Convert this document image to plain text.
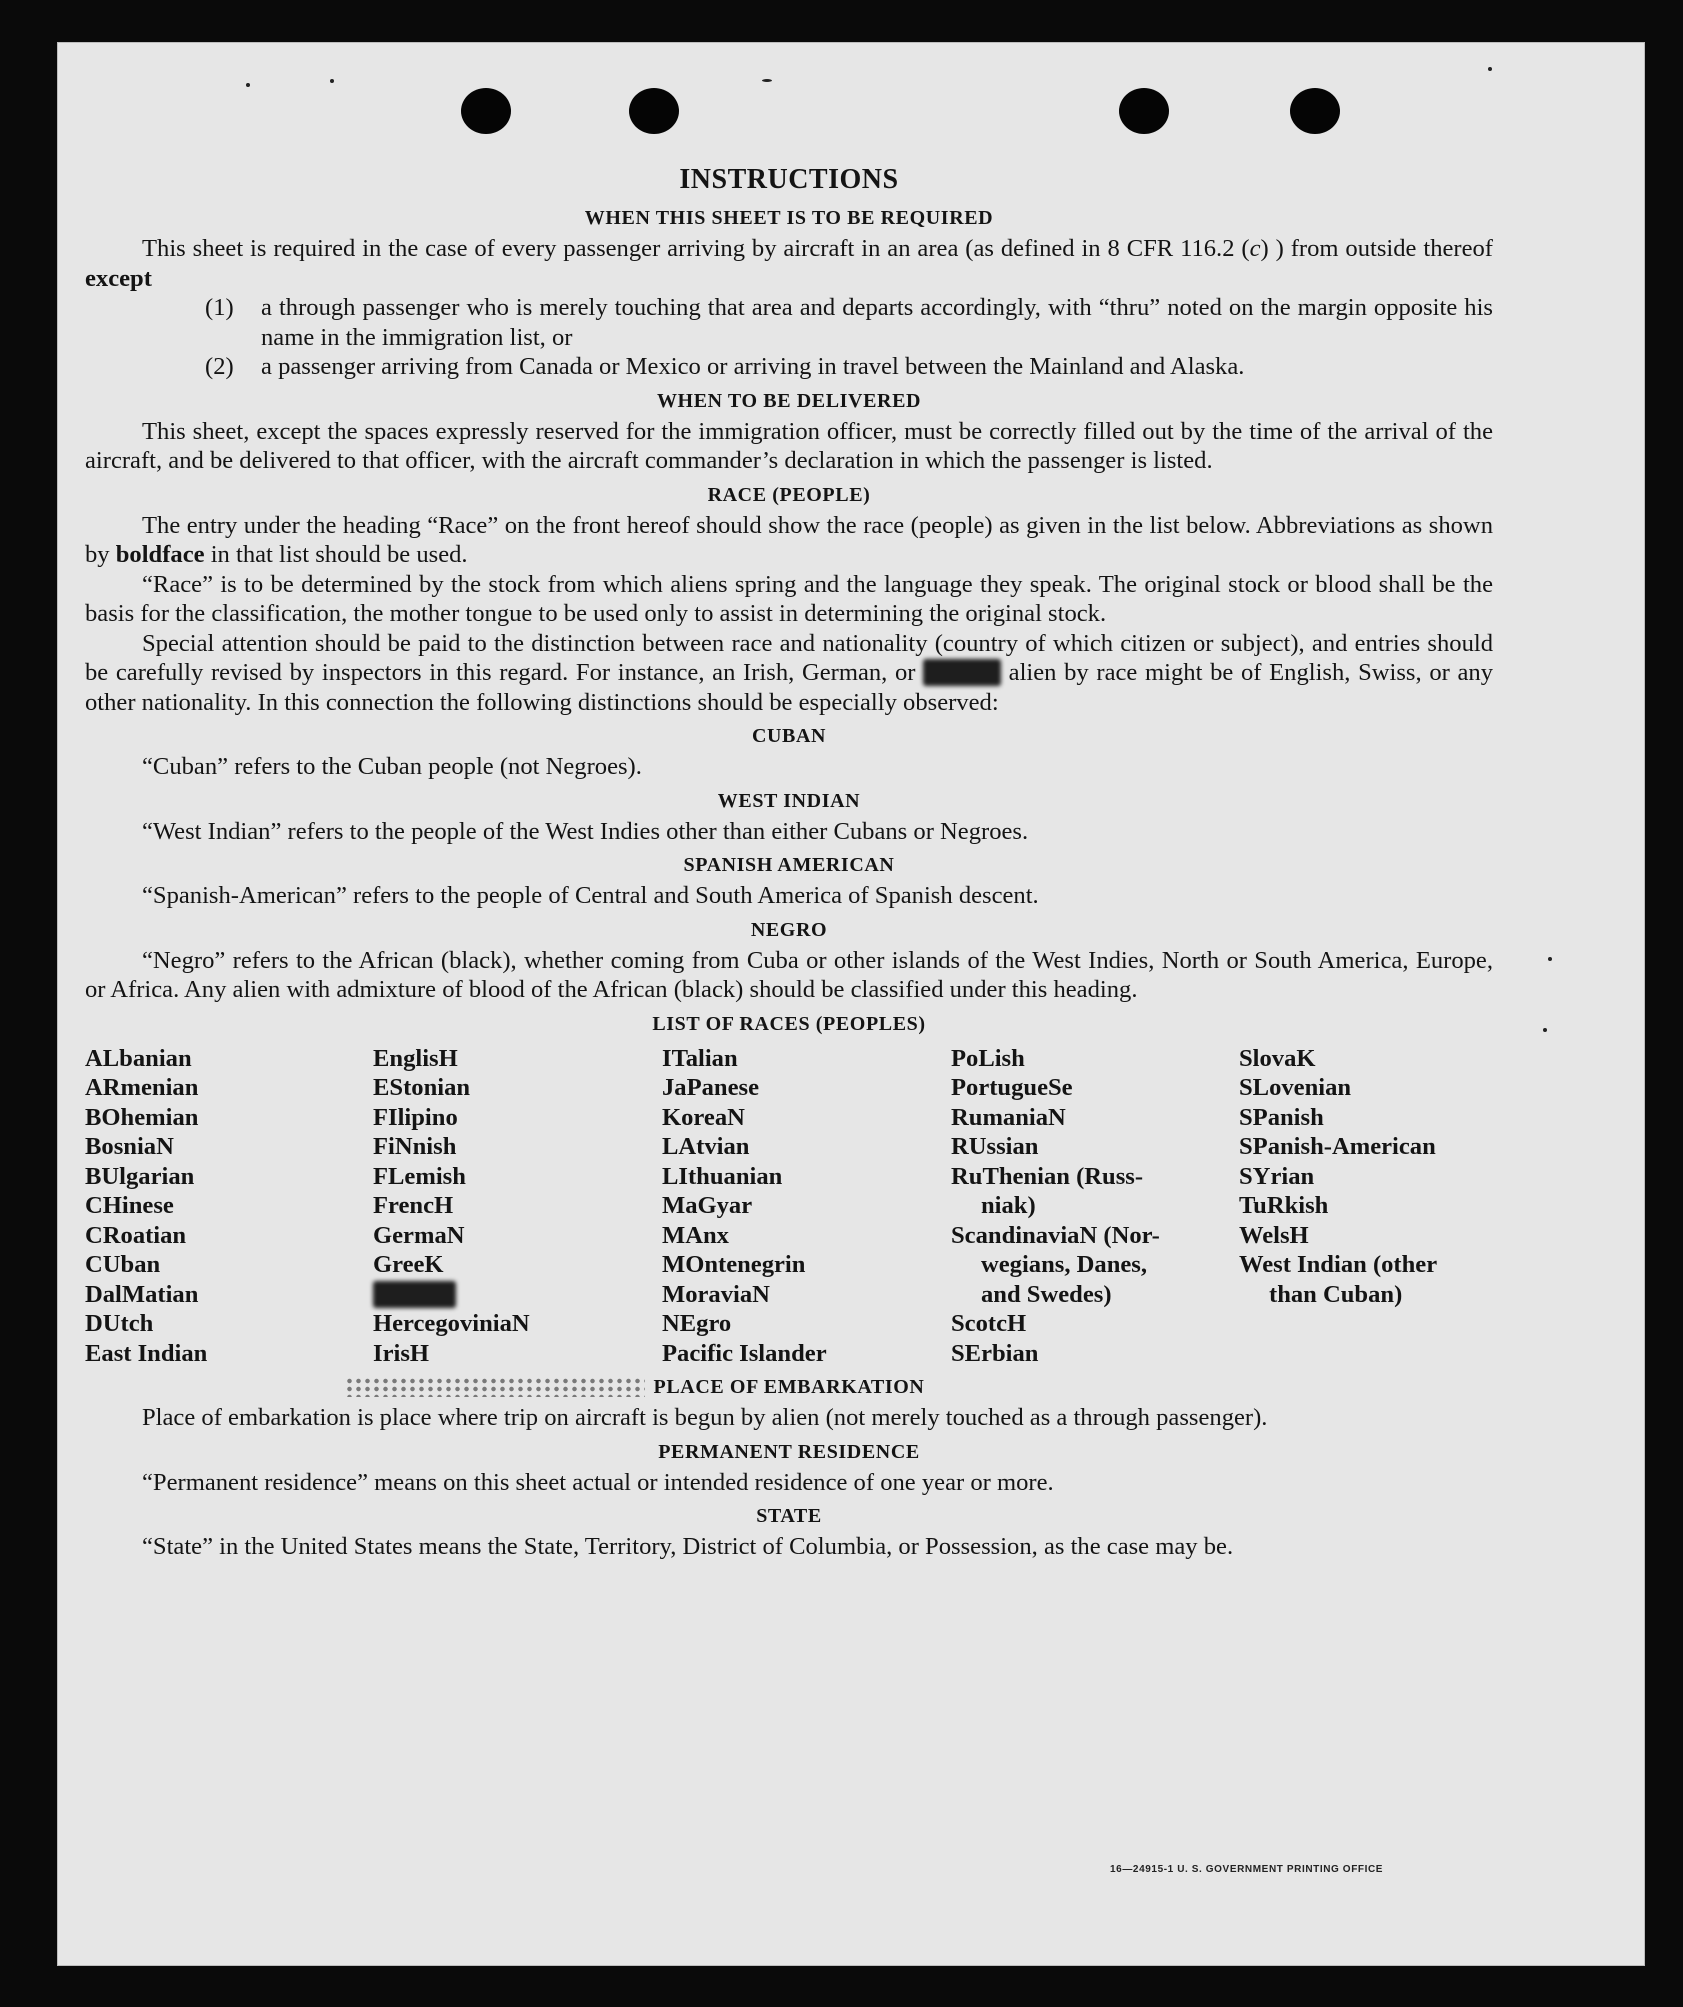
INSTRUCTIONS
WHEN THIS SHEET IS TO BE REQUIRED

This sheet is required in the case of every passenger arriving by aircraft in an area (as defined in 8 CFR 116.2 (c) ) from outside thereof except

(1)	a through passenger who is merely touching that area and departs accordingly, with “thru” noted on the margin opposite his name in the immigration list, or
(2)	a passenger arriving from Canada or Mexico or arriving in travel between the Mainland and Alaska.
WHEN TO BE DELIVERED

This sheet, except the spaces expressly reserved for the immigration officer, must be correctly filled out by the time of the arrival of the aircraft, and be delivered to that officer, with the aircraft commander’s declaration in which the passenger is listed.

RACE (PEOPLE)

The entry under the heading “Race” on the front hereof should show the race (people) as given in the list below. Abbreviations as shown by boldface in that list should be used.

“Race” is to be determined by the stock from which aliens spring and the language they speak. The original stock or blood shall be the basis for the classification, the mother tongue to be used only to assist in determining the original stock.

Special attention should be paid to the distinction between race and nationality (country of which citizen or subject), and entries should be carefully revised by inspectors in this regard. For instance, an Irish, German, or Hebrew alien by race might be of English, Swiss, or any other nationality. In this connection the following distinctions should be especially observed:

CUBAN

“Cuban” refers to the Cuban people (not Negroes).

WEST INDIAN

“West Indian” refers to the people of the West Indies other than either Cubans or Negroes.

SPANISH AMERICAN

“Spanish-American” refers to the people of Central and South America of Spanish descent.

NEGRO

“Negro” refers to the African (black), whether coming from Cuba or other islands of the West Indies, North or South America, Europe, or Africa. Any alien with admixture of blood of the African (black) should be classified under this heading.

LIST OF RACES (PEOPLES)
ALbanian
ARmenian
BOhemian
BosniaN
BUlgarian
CHinese
CRoatian
CUban
DalMatian
DUtch
East Indian
EnglisH
EStonian
FIlipino
FiNnish
FLemish
FrencH
GermaN
GreeK
Hebrew
HercegoviniaN
IrisH
ITalian
JaPanese
KoreaN
LAtvian
LIthuanian
MaGyar
MAnx
MOntenegrin
MoraviaN
NEgro
Pacific Islander
PoLish
PortugueSe
RumaniaN
RUssian
RuThenian (Russ-
niak)
ScandinaviaN (Nor-
wegians, Danes,
and Swedes)
ScotcH
SErbian
SlovaK
SLovenian
SPanish
SPanish-American
SYrian
TuRkish
WelsH
West Indian (other
than Cuban)
PLACE OF EMBARKATION

Place of embarkation is place where trip on aircraft is begun by alien (not merely touched as a through passenger).

PERMANENT RESIDENCE

“Permanent residence” means on this sheet actual or intended residence of one year or more.

STATE

“State” in the United States means the State, Territory, District of Columbia, or Possession, as the case may be.

16—24915-1 U. S. GOVERNMENT PRINTING OFFICE
